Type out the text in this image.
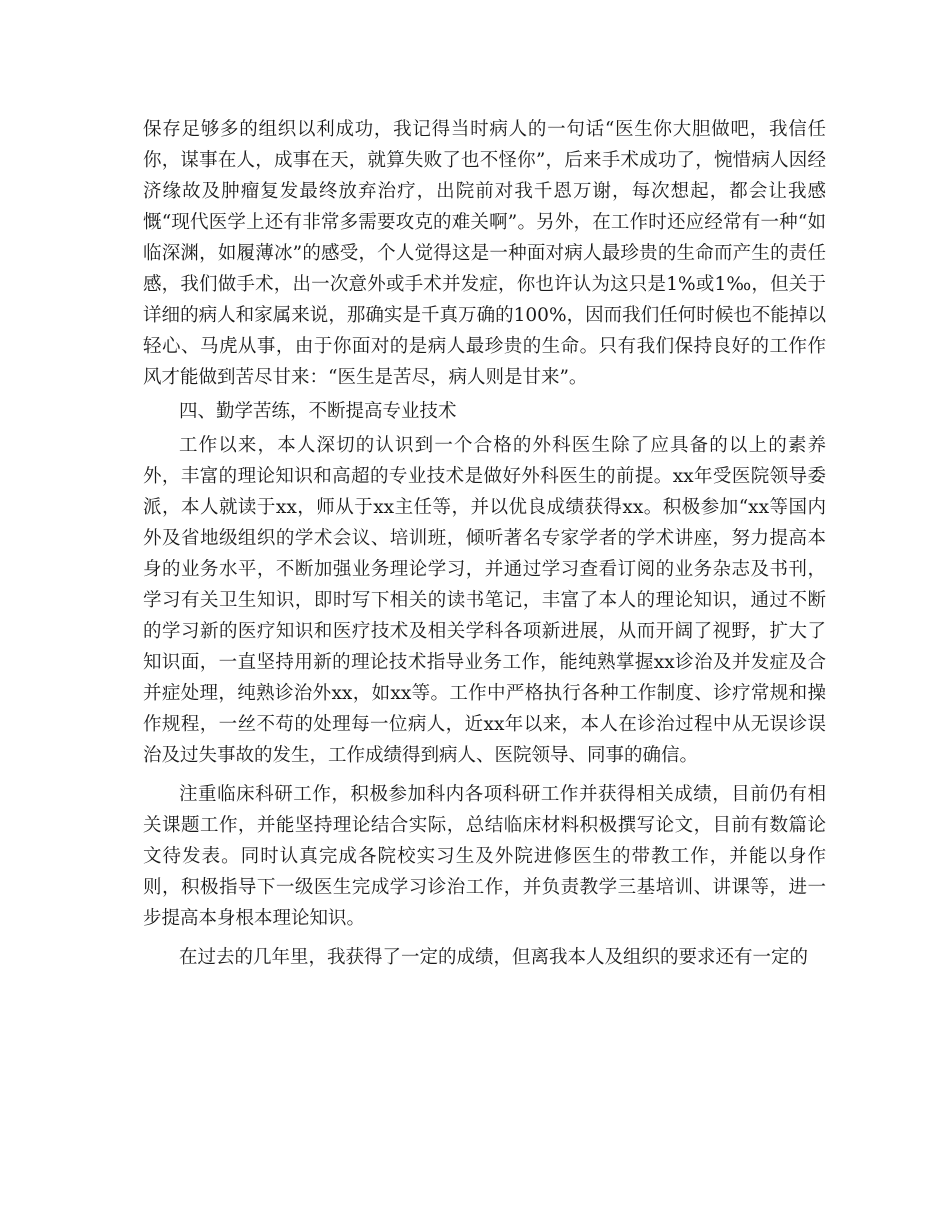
保存足够多的组织以利成功，我记得当时病人的一句话“医生你大胆做吧，我信任你，谋事在人，成事在天，就算失败了也不怪你”，后来手术成功了，惋惜病人因经济缘故及肿瘤复发最终放弃治疗，出院前对我千恩万谢，每次想起，都会让我感慨“现代医学上还有非常多需要攻克的难关啊”。另外，在工作时还应经常有一种“如临深渊，如履薄冰”的感受，个人觉得这是一种面对病人最珍贵的生命而产生的责任感，我们做手术，出一次意外或手术并发症，你也许认为这只是1%或1‰，但关于详细的病人和家属来说，那确实是千真万确的100%，因而我们任何时候也不能掉以轻心、马虎从事，由于你面对的是病人最珍贵的生命。只有我们保持良好的工作作风才能做到苦尽甘来：“医生是苦尽，病人则是甘来”。

四、勤学苦练，不断提高专业技术

工作以来，本人深切的认识到一个合格的外科医生除了应具备的以上的素养外，丰富的理论知识和高超的专业技术是做好外科医生的前提。xx年受医院领导委派，本人就读于xx，师从于xx主任等，并以优良成绩获得xx。积极参加“xx等国内外及省地级组织的学术会议、培训班，倾听著名专家学者的学术讲座，努力提高本身的业务水平，不断加强业务理论学习，并通过学习查看订阅的业务杂志及书刊，学习有关卫生知识，即时写下相关的读书笔记，丰富了本人的理论知识，通过不断的学习新的医疗知识和医疗技术及相关学科各项新进展，从而开阔了视野，扩大了知识面，一直坚持用新的理论技术指导业务工作，能纯熟掌握xx诊治及并发症及合并症处理，纯熟诊治外xx，如xx等。工作中严格执行各种工作制度、诊疗常规和操作规程，一丝不苟的处理每一位病人，近xx年以来，本人在诊治过程中从无误诊误治及过失事故的发生，工作成绩得到病人、医院领导、同事的确信。

注重临床科研工作，积极参加科内各项科研工作并获得相关成绩，目前仍有相关课题工作，并能坚持理论结合实际，总结临床材料积极撰写论文，目前有数篇论文待发表。同时认真完成各院校实习生及外院进修医生的带教工作，并能以身作则，积极指导下一级医生完成学习诊治工作，并负责教学三基培训、讲课等，进一步提高本身根本理论知识。

在过去的几年里，我获得了一定的成绩，但离我本人及组织的要求还有一定的
